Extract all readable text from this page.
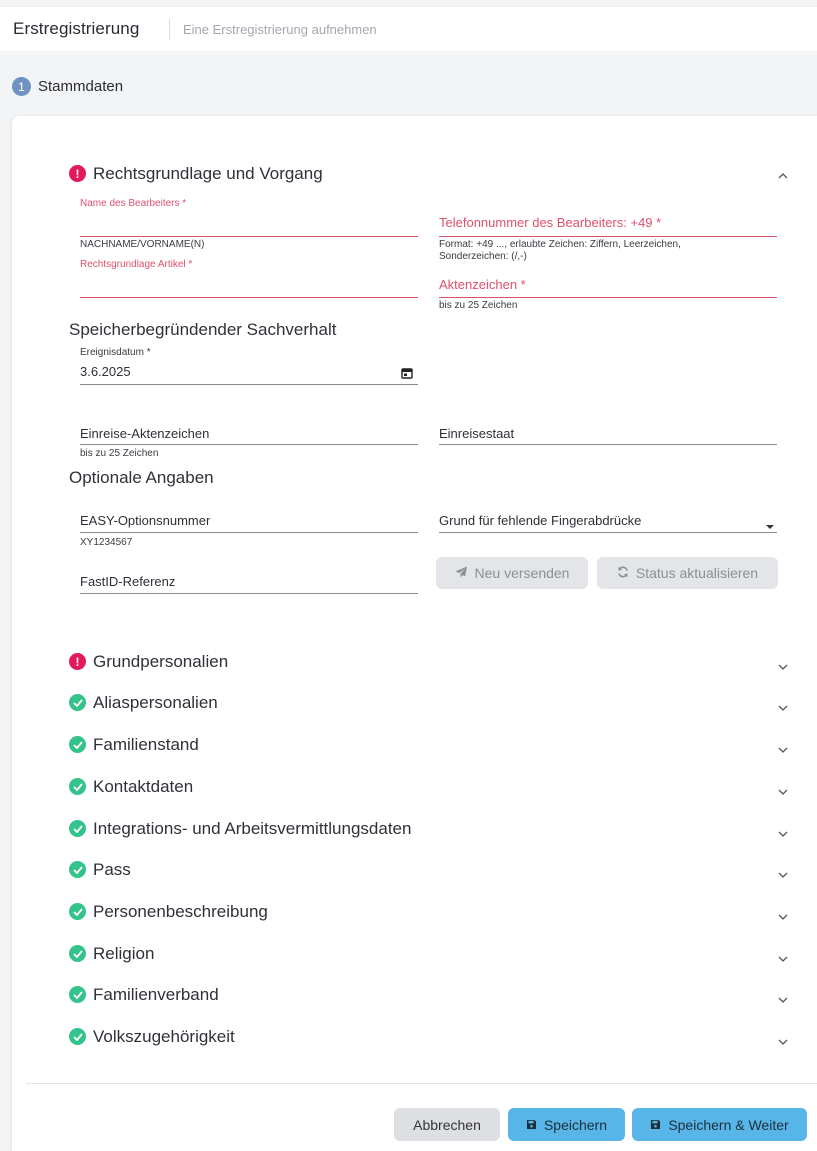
Erstregistrierung	Eine Erstregistrierung aufnehmen
1 Stammdaten
! Rechtsgrundlage und Vorgang
Name des Bearbeiters *
NACHNAME/VORNAME(N)
Telefonnummer des Bearbeiters: +49 *
Format: +49 ..., erlaubte Zeichen: Ziffern, Leerzeichen, Sonderzeichen: (/,-)
Rechtsgrundlage Artikel *
Aktenzeichen *
bis zu 25 Zeichen
Speicherbegründender Sachverhalt
Ereignisdatum *
3.6.2025
Einreise-Aktenzeichen
bis zu 25 Zeichen
Einreisestaat
Optionale Angaben
EASY-Optionsnummer
XY1234567
Grund für fehlende Fingerabdrücke
FastID-Referenz
Neu versenden	Status aktualisieren
! Grundpersonalien
Aliaspersonalien
Familienstand
Kontaktdaten
Integrations- und Arbeitsvermittlungsdaten
Pass
Personenbeschreibung
Religion
Familienverband
Volkszugehörigkeit
Abbrechen	Speichern	Speichern & Weiter
